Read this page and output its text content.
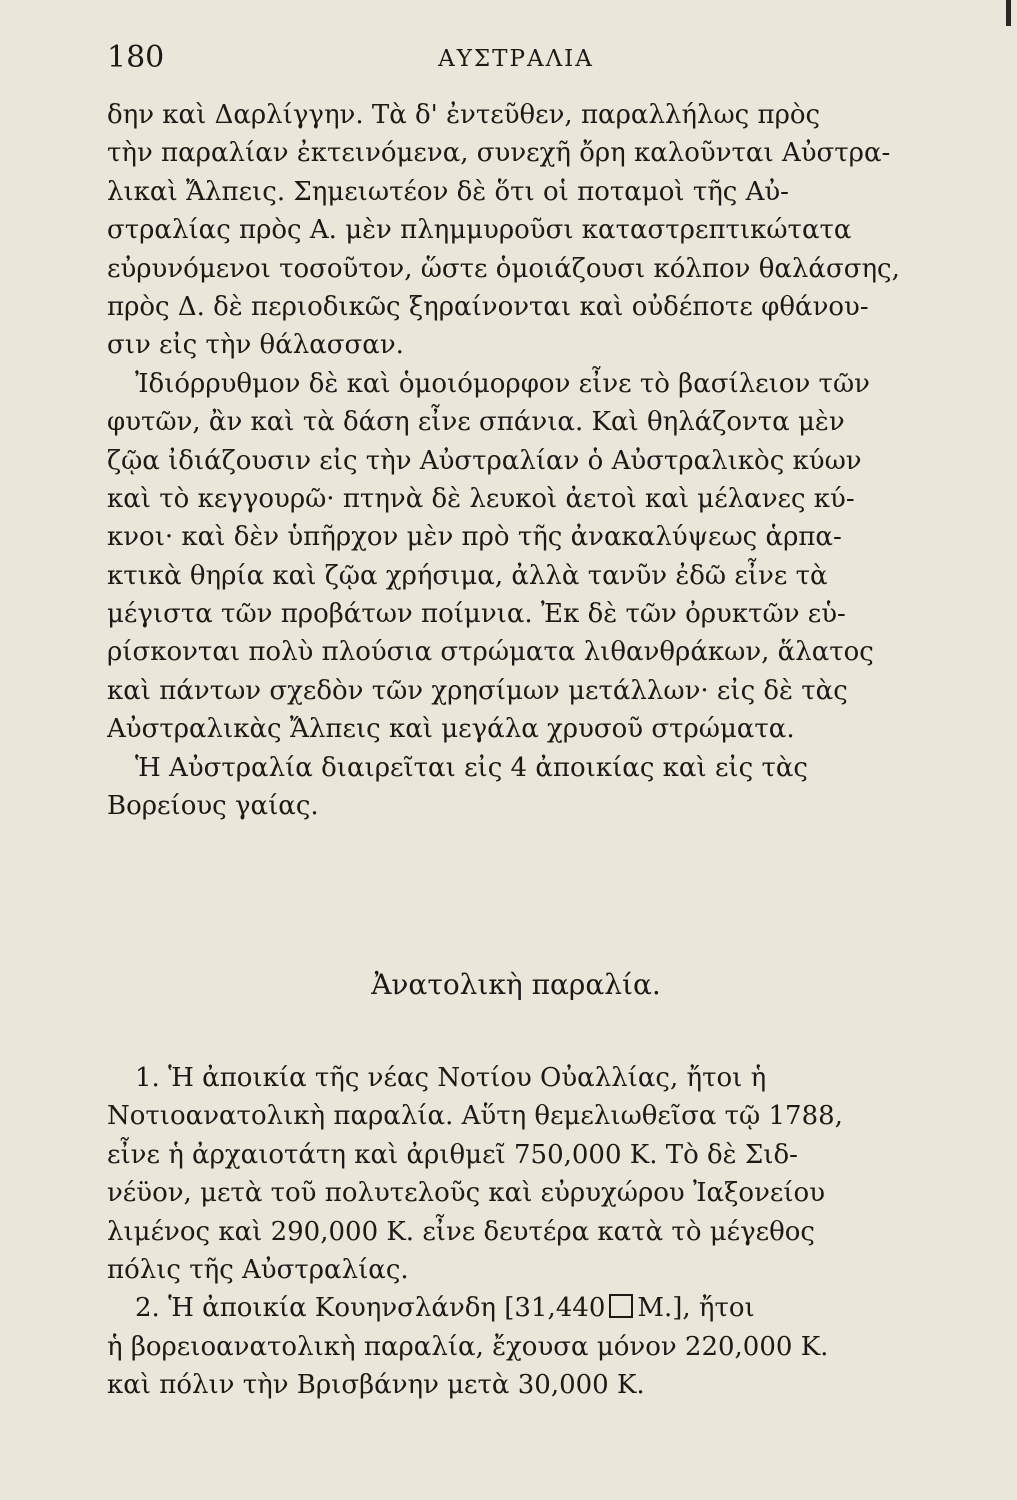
180	ΑΥΣΤΡΑΛΙΑ
δην καὶ Δαρλίγγην. Τὰ δ' ἐντεῦθεν, παραλλήλως πρὸς
τὴν παραλίαν ἐκτεινόμενα, συνεχῆ ὄρη καλοῦνται Αὐστρα-
λικαὶ Ἄλπεις. Σημειωτέον δὲ ὅτι οἱ ποταμοὶ τῆς Αὐ-
στραλίας πρὸς Α. μὲν πλημμυροῦσι καταστρεπτικώτατα
εὐρυνόμενοι τοσοῦτον, ὥστε ὁμοιάζουσι κόλπον θαλάσσης,
πρὸς Δ. δὲ περιοδικῶς ξηραίνονται καὶ οὐδέποτε φθάνου-
σιν εἰς τὴν θάλασσαν.
Ἰδιόρρυθμον δὲ καὶ ὁμοιόμορφον εἶνε τὸ βασίλειον τῶν
φυτῶν, ἂν καὶ τὰ δάση εἶνε σπάνια. Καὶ θηλάζοντα μὲν
ζῷα ἰδιάζουσιν εἰς τὴν Αὐστραλίαν ὁ Αὐστραλικὸς κύων
καὶ τὸ κεγγουρῶ· πτηνὰ δὲ λευκοὶ ἀετοὶ καὶ μέλανες κύ-
κνοι· καὶ δὲν ὑπῆρχον μὲν πρὸ τῆς ἀνακαλύψεως ἁρπα-
κτικὰ θηρία καὶ ζῷα χρήσιμα, ἀλλὰ τανῦν ἐδῶ εἶνε τὰ
μέγιστα τῶν προβάτων ποίμνια. Ἐκ δὲ τῶν ὀρυκτῶν εὑ-
ρίσκονται πολὺ πλούσια στρώματα λιθανθράκων, ἅλατος
καὶ πάντων σχεδὸν τῶν χρησίμων μετάλλων· εἰς δὲ τὰς
Αὐστραλικὰς Ἄλπεις καὶ μεγάλα χρυσοῦ στρώματα.
Ἡ Αὐστραλία διαιρεῖται εἰς 4 ἀποικίας καὶ εἰς τὰς
Βορείους γαίας.
Ἀνατολικὴ παραλία.
1. Ἡ ἀποικία τῆς νέας Νοτίου Οὐαλλίας, ἤτοι ἡ
Νοτιοανατολικὴ παραλία. Αὕτη θεμελιωθεῖσα τῷ 1788,
εἶνε ἡ ἀρχαιοτάτη καὶ ἀριθμεῖ 750,000 Κ. Τὸ δὲ Σιδ-
νέϋον, μετὰ τοῦ πολυτελοῦς καὶ εὐρυχώρου Ἰαξονείου
λιμένος καὶ 290,000 Κ. εἶνε δευτέρα κατὰ τὸ μέγεθος
πόλις τῆς Αὐστραλίας.
2. Ἡ ἀποικία Κουηνσλάνδη [31,440 Μ.], ἤτοι
ἡ βορειοανατολικὴ παραλία, ἔχουσα μόνον 220,000 Κ.
καὶ πόλιν τὴν Βρισβάνην μετὰ 30,000 Κ.
